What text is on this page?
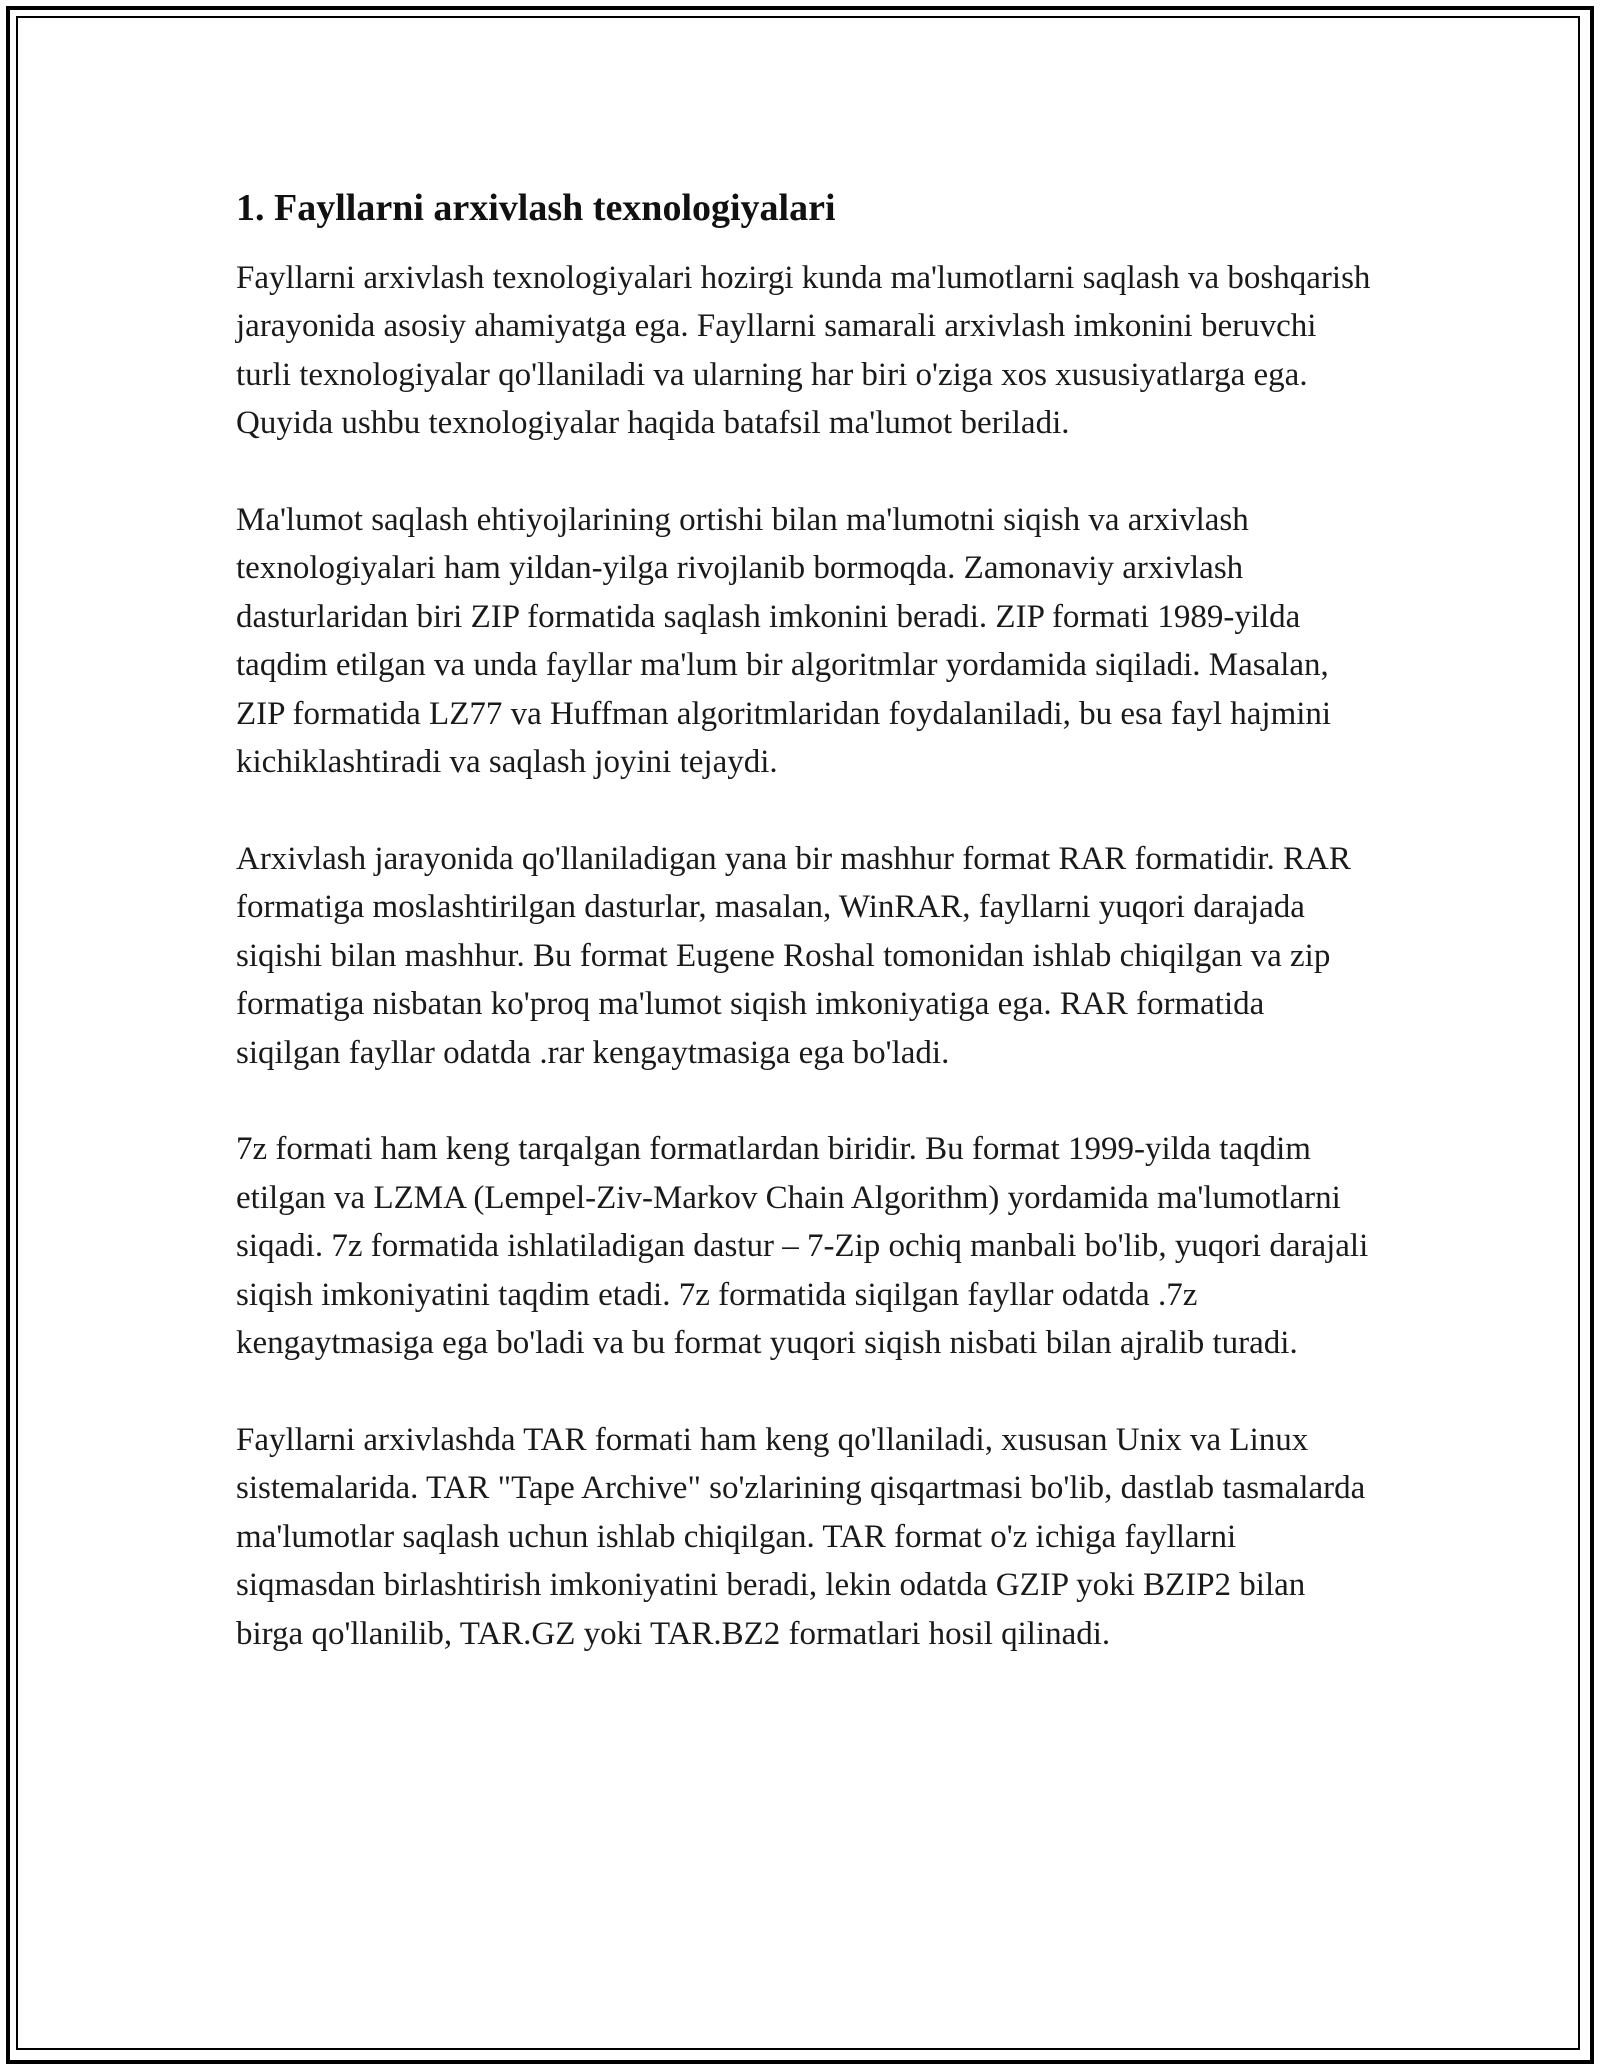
1. Fayllarni arxivlash texnologiyalari

Fayllarni arxivlash texnologiyalari hozirgi kunda ma'lumotlarni saqlash va boshqarish jarayonida asosiy ahamiyatga ega. Fayllarni samarali arxivlash imkonini beruvchi turli texnologiyalar qo'llaniladi va ularning har biri o'ziga xos xususiyatlarga ega. Quyida ushbu texnologiyalar haqida batafsil ma'lumot beriladi.

Ma'lumot saqlash ehtiyojlarining ortishi bilan ma'lumotni siqish va arxivlash texnologiyalari ham yildan-yilga rivojlanib bormoqda. Zamonaviy arxivlash dasturlaridan biri ZIP formatida saqlash imkonini beradi. ZIP formati 1989-yilda taqdim etilgan va unda fayllar ma'lum bir algoritmlar yordamida siqiladi. Masalan, ZIP formatida LZ77 va Huffman algoritmlaridan foydalaniladi, bu esa fayl hajmini kichiklashtiradi va saqlash joyini tejaydi.

Arxivlash jarayonida qo'llaniladigan yana bir mashhur format RAR formatidir. RAR formatiga moslashtirilgan dasturlar, masalan, WinRAR, fayllarni yuqori darajada siqishi bilan mashhur. Bu format Eugene Roshal tomonidan ishlab chiqilgan va zip formatiga nisbatan ko'proq ma'lumot siqish imkoniyatiga ega. RAR formatida siqilgan fayllar odatda .rar kengaytmasiga ega bo'ladi.

7z formati ham keng tarqalgan formatlardan biridir. Bu format 1999-yilda taqdim etilgan va LZMA (Lempel-Ziv-Markov Chain Algorithm) yordamida ma'lumotlarni siqadi. 7z formatida ishlatiladigan dastur – 7-Zip ochiq manbali bo'lib, yuqori darajali siqish imkoniyatini taqdim etadi. 7z formatida siqilgan fayllar odatda .7z kengaytmasiga ega bo'ladi va bu format yuqori siqish nisbati bilan ajralib turadi.

Fayllarni arxivlashda TAR formati ham keng qo'llaniladi, xususan Unix va Linux sistemalarida. TAR "Tape Archive" so'zlarining qisqartmasi bo'lib, dastlab tasmalarda ma'lumotlar saqlash uchun ishlab chiqilgan. TAR format o'z ichiga fayllarni siqmasdan birlashtirish imkoniyatini beradi, lekin odatda GZIP yoki BZIP2 bilan birga qo'llanilib, TAR.GZ yoki TAR.BZ2 formatlari hosil qilinadi.
